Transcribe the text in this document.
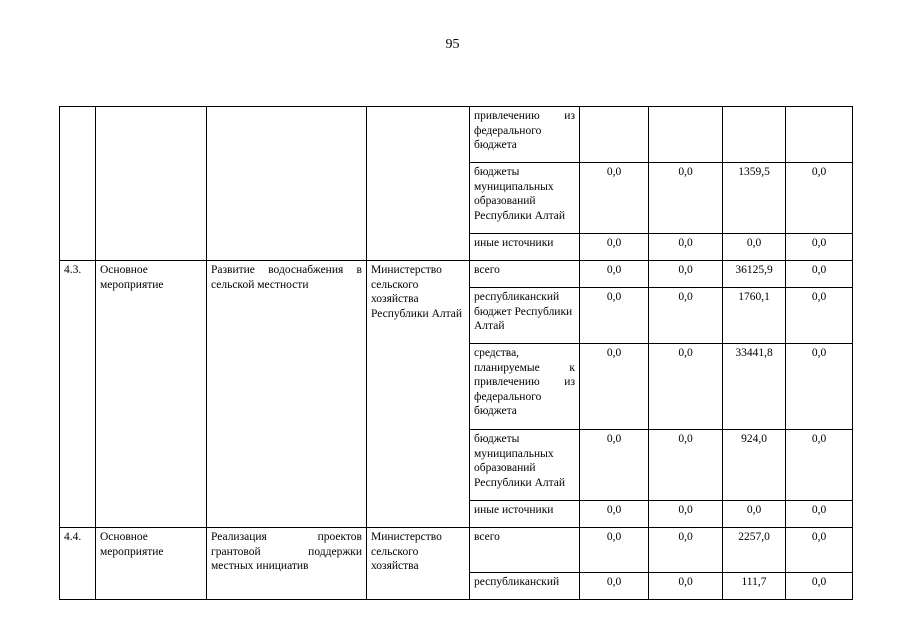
95
				привлечению из федерального бюджета				
				бюджеты муниципальных образований Республики Алтай	0,0	0,0	1359,5	0,0
				иные источники	0,0	0,0	0,0	0,0
4.3.	Основное мероприятие	Развитие водоснабжения в сельской местности	Министерство сельского хозяйства Республики Алтай	всего	0,0	0,0	36125,9	0,0
				республиканский бюджет Республики Алтай	0,0	0,0	1760,1	0,0
				средства, планируемые к привлечению из федерального бюджета	0,0	0,0	33441,8	0,0
				бюджеты муниципальных образований Республики Алтай	0,0	0,0	924,0	0,0
				иные источники	0,0	0,0	0,0	0,0
4.4.	Основное мероприятие	Реализация проектов грантовой поддержки местных инициатив	Министерство сельского хозяйства	всего	0,0	0,0	2257,0	0,0
				республиканский	0,0	0,0	111,7	0,0
